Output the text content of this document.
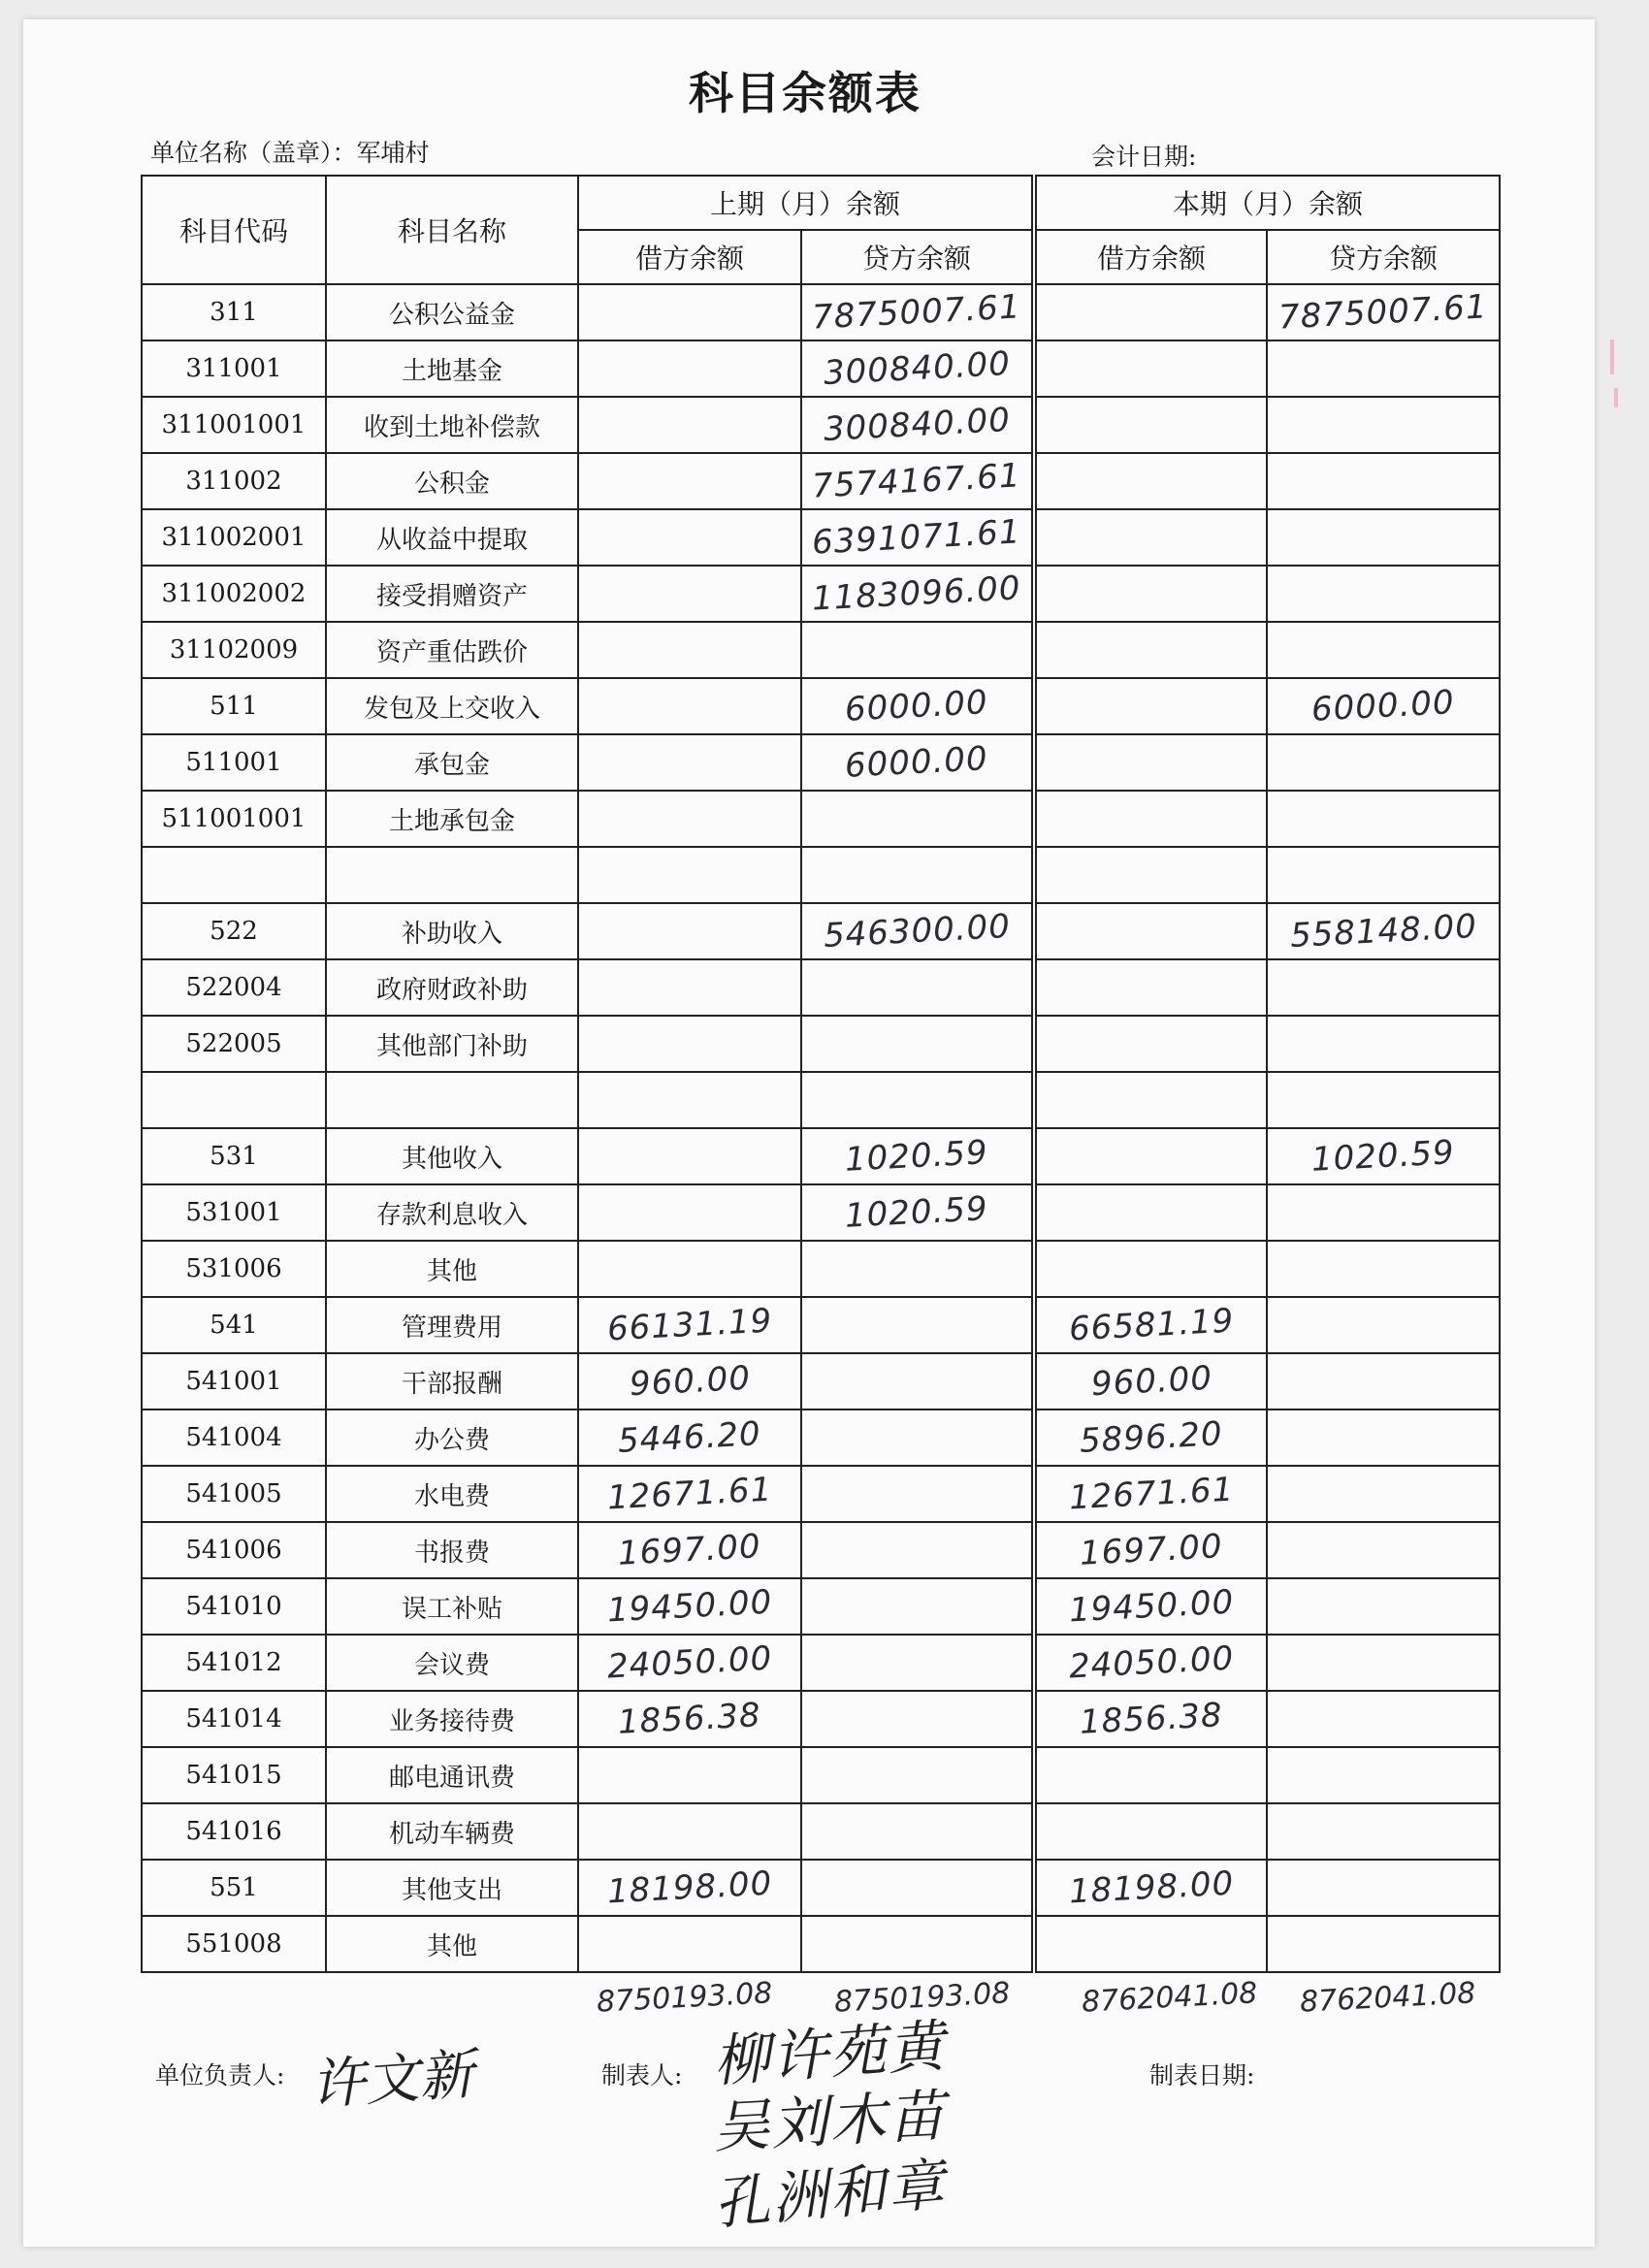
科目余额表
单位名称（盖章）：军埔村	会计日期:
科目代码	科目名称	上期（月）余额		本期（月）余额	
		借方余额	贷方余额	借方余额	贷方余额
311	公积公益金		7875007.61		7875007.61
311001	土地基金		300840.00		
311001001	收到土地补偿款		300840.00		
311002	公积金		7574167.61		
311002001	从收益中提取		6391071.61		
311002002	接受捐赠资产		1183096.00		
31102009	资产重估跌价				
511	发包及上交收入		6000.00		6000.00
511001	承包金		6000.00		
511001001	土地承包金				

522	补助收入		546300.00		558148.00
522004	政府财政补助				
522005	其他部门补助				

531	其他收入		1020.59		1020.59
531001	存款利息收入		1020.59		
531006	其他				
541	管理费用	66131.19		66581.19	
541001	干部报酬	960.00		960.00	
541004	办公费	5446.20		5896.20	
541005	水电费	12671.61		12671.61	
541006	书报费	1697.00		1697.00	
541010	误工补贴	19450.00		19450.00	
541012	会议费	24050.00		24050.00	
541014	业务接待费	1856.38		1856.38	
541015	邮电通讯费				
541016	机动车辆费				
551	其他支出	18198.00		18198.00	
551008	其他				
8750193.08 8750193.08 8762041.08 8762041.08
单位负责人: 许文新	制表人: 柳许苑黄
吴刘木苗
孔洲和章
制表日期:
